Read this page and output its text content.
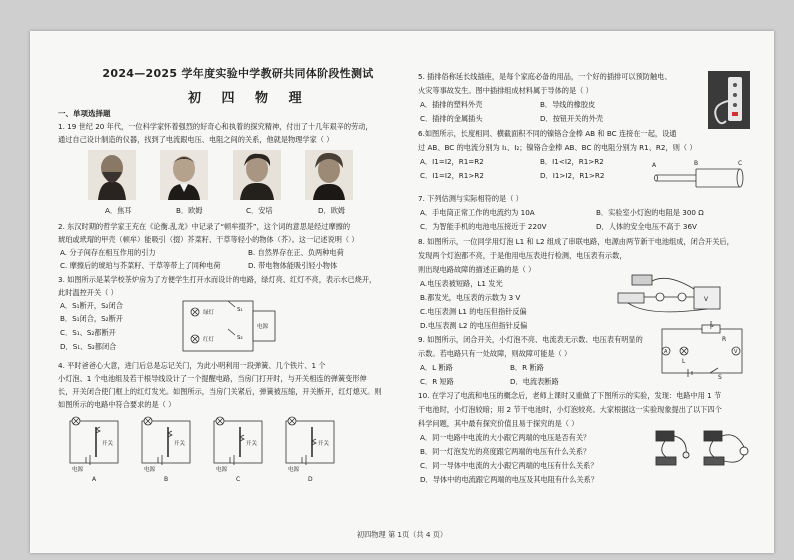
2024—2025 学年度实验中学教研共同体阶段性测试
初 四 物 理
一、单项选择题
1. 19 世纪 20 年代，一位科学家怀着强烈的好奇心和执着的探究精神，付出了十几年艰辛的劳动，
通过自己设计制造的仪器，找到了电流跟电压、电阻之间的关系，他就是物理学家（ ）
A．焦耳	B．欧姆	C．安培	D．欧姆
2. 东汉时期的哲学家王充在《论衡.乱龙》中记录了“顿牟掇芥”，这个词的意思是经过摩擦的
琥珀或玳瑁的甲壳（顿牟）能吸引（掇）芥菜籽、干草等轻小的物体（芥）。这一记述说明（ ）
A. 分子间存在相互作用的引力	B. 自然界存在正、负两种电荷
C. 摩擦后的琥珀与芥菜籽、干草等带上了同种电荷	D. 带电物体能吸引轻小物体
3. 如图所示是某学校茶炉房为了方便学生打开水而设计的电路，绿灯亮、红灯不亮，表示水已烧开，
此时温控开关（ ）
A．S₁断开，S₂闭合
B．S₁闭合，S₂断开
C．S₁、S₂都断开
D．S₁、S₂都闭合
绿灯
红灯
S₁
S₂
电源
4. 平时爸爸心大意，进门后总是忘记关门，为此小明利用一段弹簧、几个铁片、1 个
小灯泡、1 个电池组及若干根导线设计了一个提醒电路，当房门打开时，与开关相连的弹簧变形伸
长，开关闭合使门框上的红灯发光。如图所示，当房门关紧后，弹簧被压缩，开关断开，红灯熄灭。则
如图所示的电路中符合要求的是（ ）
开关
电源
开关
电源
开关
电源
开关
电源
A	B	C	D
5. 插排俗称延长线插座，是每个家庭必备的用品，一个好的插排可以预防触电、
火灾等事故发生。图中插排组成材料属于导体的是（ ）
A．插排的塑料外壳	B．导线的橡胶皮
C．插排的金属插头	D．按钮开关的外壳
6.如图所示，长度相同、横截面积不同的镍铬合金棒 AB 和 BC 连接在一起，设通
过 AB、BC 的电流分别为 I₁、I₂；镍铬合金棒 AB、BC 的电阻分别为 R1、R2，则（ ）
A．I1=I2，R1=R2	B．I1<I2，R1>R2
C．I1=I2，R1>R2	D．I1>I2，R1>R2
A	B	C
7. 下列估测与实际相符的是（ ）
A．手电筒正常工作的电流约为 10A	B．实验室小灯泡的电阻是 300 Ω
C．为智能手机的电池电压接近于 220V	D．人体的安全电压不高于 36V
8. 如图所示，一位同学用灯泡 L1 和 L2 组成了串联电路，电源由两节新干电池组成，闭合开关后，
发现两个灯泡都不亮，于是他用电压表进行检测，电压表有示数，
则出现电路故障的描述正确的是（ ）
A.电压表被短路，L1 发光
B.都发光，电压表的示数为 3 V
C.电压表测 L1 的电压但指针反偏
D.电压表测 L2 的电压但指针反偏
V
9. 如图所示，闭合开关，小灯泡不亮、电流表无示数、电压表有明显的
示数。若电路只有一处故障，则故障可能是（ ）
A．L 断路	B．R 断路
C．R 短路	D．电流表断路
P
R
V
A
L
S
10. 在学习了电流和电压的概念后，老师上课时又重做了下图所示的实验，发现：电路中用 1 节
干电池时，小灯泡较暗；用 2 节干电池时，小灯泡较亮。大家根据这一实验现象提出了以下四个
科学问题，其中最有探究价值且易于探究的是（ ）
A．同一电路中电流的大小跟它两端的电压是否有关？
B．同一灯泡发光的亮度跟它两端的电压有什么关系？
C．同一导体中电流的大小跟它两端的电压有什么关系？
D．导体中的电流跟它两端的电压及其电阻有什么关系？
初四物理 第 1页（共 4 页）
